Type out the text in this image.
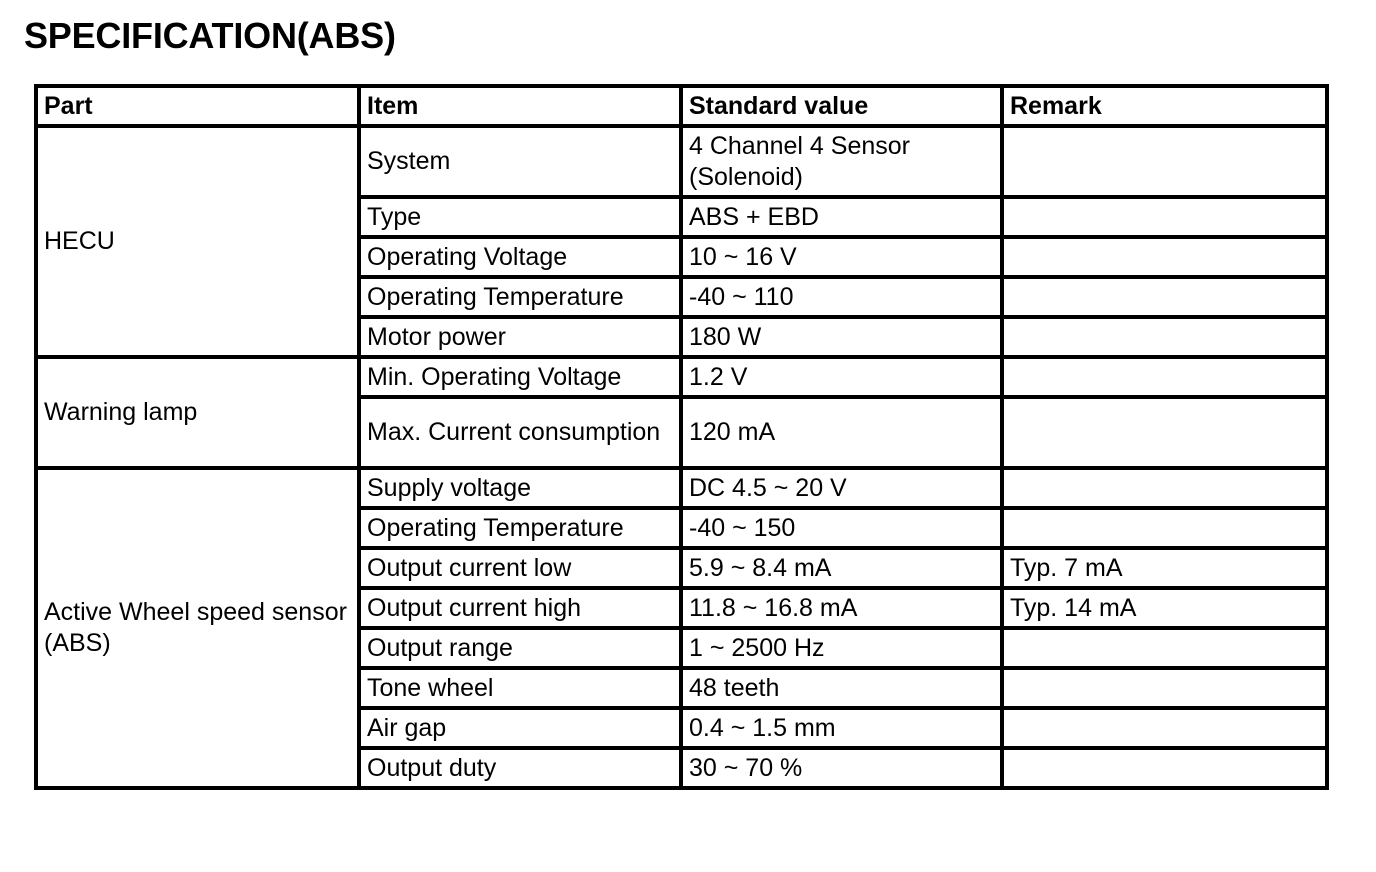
SPECIFICATION(ABS)
Part	Item	Standard value	Remark
HECU	System	4 Channel 4 Sensor (Solenoid)	
	Type	ABS + EBD	
	Operating Voltage	10 ~ 16 V	
	Operating Temperature	-40 ~ 110	
	Motor power	180 W	
Warning lamp	Min. Operating Voltage	1.2 V	
	Max. Current consumption	120 mA	
Active Wheel speed sensor (ABS)	Supply voltage	DC 4.5 ~ 20 V	
	Operating Temperature	-40 ~ 150	
	Output current low	5.9 ~ 8.4 mA	Typ. 7 mA
	Output current high	11.8 ~ 16.8 mA	Typ. 14 mA
	Output range	1 ~ 2500 Hz	
	Tone wheel	48 teeth	
	Air gap	0.4 ~ 1.5 mm	
	Output duty	30 ~ 70 %	
